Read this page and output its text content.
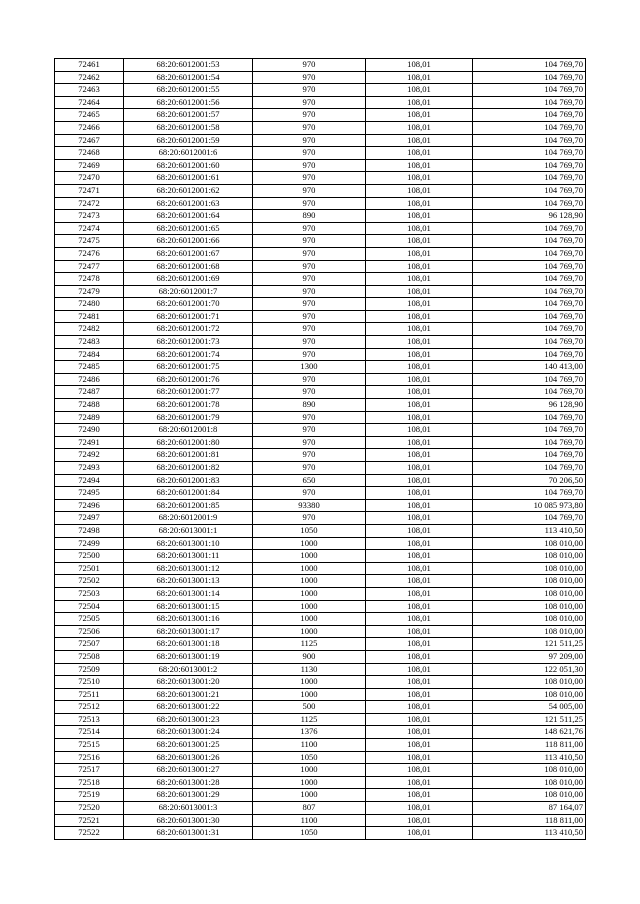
72461	68:20:6012001:53	970	108,01	104 769,70
72462	68:20:6012001:54	970	108,01	104 769,70
72463	68:20:6012001:55	970	108,01	104 769,70
72464	68:20:6012001:56	970	108,01	104 769,70
72465	68:20:6012001:57	970	108,01	104 769,70
72466	68:20:6012001:58	970	108,01	104 769,70
72467	68:20:6012001:59	970	108,01	104 769,70
72468	68:20:6012001:6	970	108,01	104 769,70
72469	68:20:6012001:60	970	108,01	104 769,70
72470	68:20:6012001:61	970	108,01	104 769,70
72471	68:20:6012001:62	970	108,01	104 769,70
72472	68:20:6012001:63	970	108,01	104 769,70
72473	68:20:6012001:64	890	108,01	96 128,90
72474	68:20:6012001:65	970	108,01	104 769,70
72475	68:20:6012001:66	970	108,01	104 769,70
72476	68:20:6012001:67	970	108,01	104 769,70
72477	68:20:6012001:68	970	108,01	104 769,70
72478	68:20:6012001:69	970	108,01	104 769,70
72479	68:20:6012001:7	970	108,01	104 769,70
72480	68:20:6012001:70	970	108,01	104 769,70
72481	68:20:6012001:71	970	108,01	104 769,70
72482	68:20:6012001:72	970	108,01	104 769,70
72483	68:20:6012001:73	970	108,01	104 769,70
72484	68:20:6012001:74	970	108,01	104 769,70
72485	68:20:6012001:75	1300	108,01	140 413,00
72486	68:20:6012001:76	970	108,01	104 769,70
72487	68:20:6012001:77	970	108,01	104 769,70
72488	68:20:6012001:78	890	108,01	96 128,90
72489	68:20:6012001:79	970	108,01	104 769,70
72490	68:20:6012001:8	970	108,01	104 769,70
72491	68:20:6012001:80	970	108,01	104 769,70
72492	68:20:6012001:81	970	108,01	104 769,70
72493	68:20:6012001:82	970	108,01	104 769,70
72494	68:20:6012001:83	650	108,01	70 206,50
72495	68:20:6012001:84	970	108,01	104 769,70
72496	68:20:6012001:85	93380	108,01	10 085 973,80
72497	68:20:6012001:9	970	108,01	104 769,70
72498	68:20:6013001:1	1050	108,01	113 410,50
72499	68:20:6013001:10	1000	108,01	108 010,00
72500	68:20:6013001:11	1000	108,01	108 010,00
72501	68:20:6013001:12	1000	108,01	108 010,00
72502	68:20:6013001:13	1000	108,01	108 010,00
72503	68:20:6013001:14	1000	108,01	108 010,00
72504	68:20:6013001:15	1000	108,01	108 010,00
72505	68:20:6013001:16	1000	108,01	108 010,00
72506	68:20:6013001:17	1000	108,01	108 010,00
72507	68:20:6013001:18	1125	108,01	121 511,25
72508	68:20:6013001:19	900	108,01	97 209,00
72509	68:20:6013001:2	1130	108,01	122 051,30
72510	68:20:6013001:20	1000	108,01	108 010,00
72511	68:20:6013001:21	1000	108,01	108 010,00
72512	68:20:6013001:22	500	108,01	54 005,00
72513	68:20:6013001:23	1125	108,01	121 511,25
72514	68:20:6013001:24	1376	108,01	148 621,76
72515	68:20:6013001:25	1100	108,01	118 811,00
72516	68:20:6013001:26	1050	108,01	113 410,50
72517	68:20:6013001:27	1000	108,01	108 010,00
72518	68:20:6013001:28	1000	108,01	108 010,00
72519	68:20:6013001:29	1000	108,01	108 010,00
72520	68:20:6013001:3	807	108,01	87 164,07
72521	68:20:6013001:30	1100	108,01	118 811,00
72522	68:20:6013001:31	1050	108,01	113 410,50
